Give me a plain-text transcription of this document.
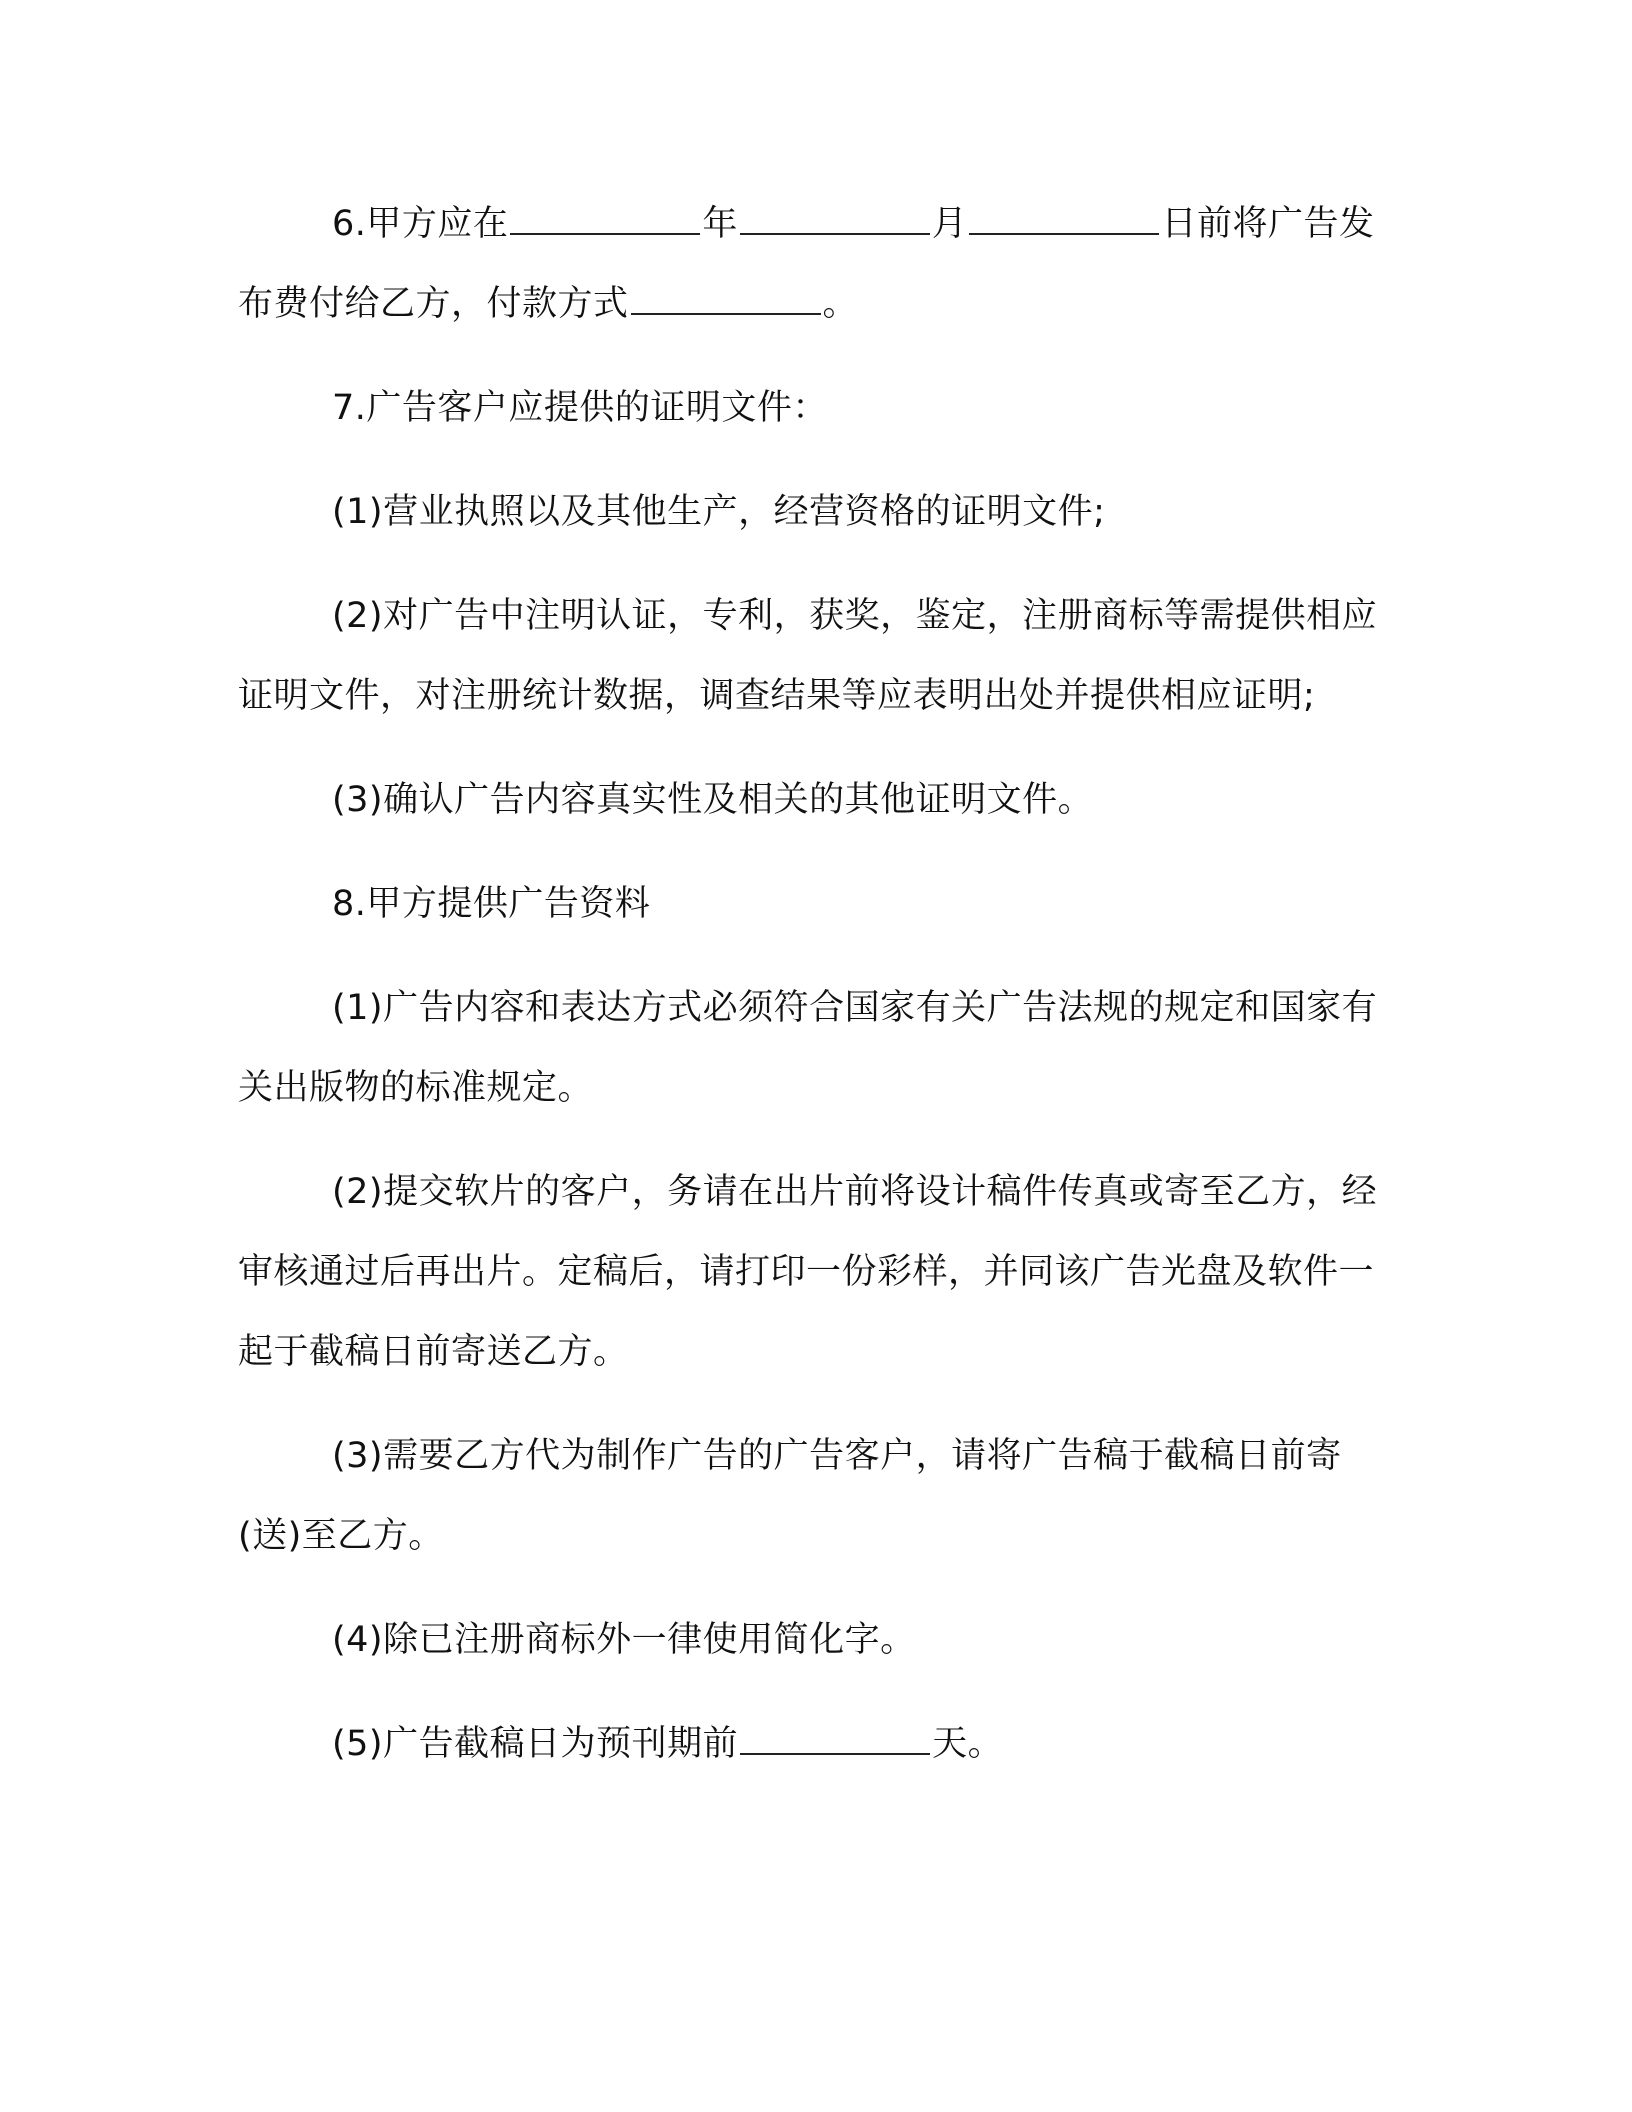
6.甲方应在	年	月	日前将广告发布费付给乙方，付款方式	。

7.广告客户应提供的证明文件：

(1)营业执照以及其他生产，经营资格的证明文件;

(2)对广告中注明认证，专利，获奖，鉴定，注册商标等需提供相应证明文件，对注册统计数据，调查结果等应表明出处并提供相应证明;

(3)确认广告内容真实性及相关的其他证明文件。

8.甲方提供广告资料

(1)广告内容和表达方式必须符合国家有关广告法规的规定和国家有关出版物的标准规定。

(2)提交软片的客户，务请在出片前将设计稿件传真或寄至乙方，经审核通过后再出片。定稿后，请打印一份彩样，并同该广告光盘及软件一起于截稿日前寄送乙方。

(3)需要乙方代为制作广告的广告客户，请将广告稿于截稿日前寄(送)至乙方。

(4)除已注册商标外一律使用简化字。

(5)广告截稿日为预刊期前	天。
